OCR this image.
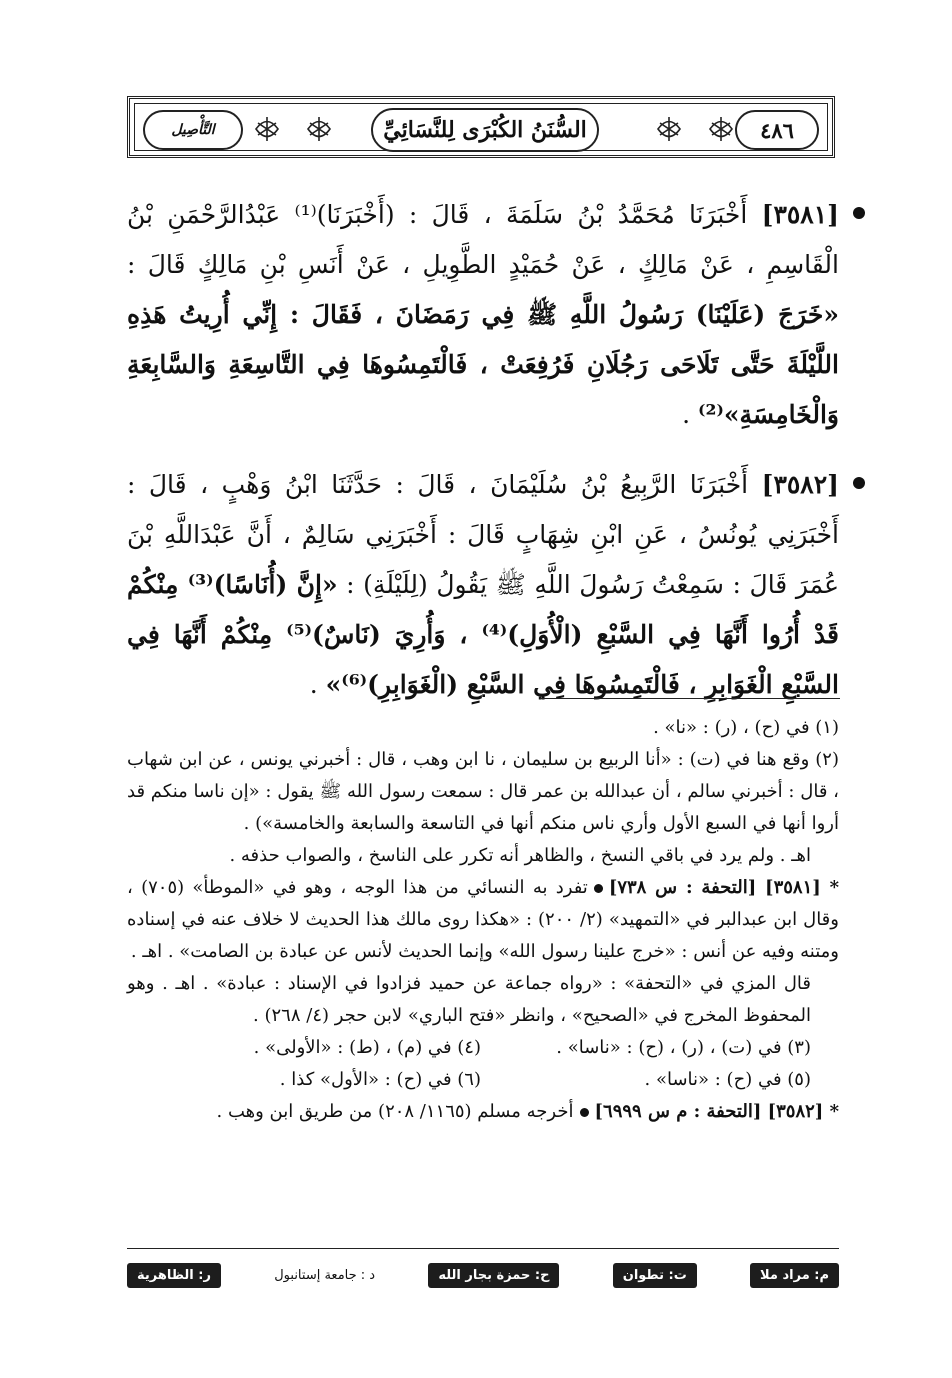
التَّأْصِيل	السُّنَنُ الكُبْرَى لِلنَّسَائِيِّ	٤٨٦
[٣٥٨١] أَخْبَرَنَا مُحَمَّدُ بْنُ سَلَمَةَ ، قَالَ : (أَخْبَرَنَا)⁽¹⁾ عَبْدُالرَّحْمَنِ بْنُ الْقَاسِمِ ، عَنْ مَالِكٍ ، عَنْ حُمَيْدٍ الطَّوِيلِ ، عَنْ أَنَسِ بْنِ مَالِكٍ قَالَ : «خَرَجَ (عَلَيْنَا) رَسُولُ اللَّهِ ﷺ فِي رَمَضَانَ ، فَقَالَ : إِنِّي أُرِيتُ هَذِهِ اللَّيْلَةَ حَتَّى تَلَاحَى رَجُلَانِ فَرُفِعَتْ ، فَالْتَمِسُوهَا فِي التَّاسِعَةِ وَالسَّابِعَةِ وَالْخَامِسَةِ»⁽²⁾ .
[٣٥٨٢] أَخْبَرَنَا الرَّبِيعُ بْنُ سُلَيْمَانَ ، قَالَ : حَدَّثَنَا ابْنُ وَهْبٍ ، قَالَ : أَخْبَرَنِي يُونُسُ ، عَنِ ابْنِ شِهَابٍ قَالَ : أَخْبَرَنِي سَالِمٌ ، أَنَّ عَبْدَاللَّهِ بْنَ عُمَرَ قَالَ : سَمِعْتُ رَسُولَ اللَّهِ ﷺ يَقُولُ (لِلَيْلَةِ) : «إِنَّ (أُنَاسًا)⁽³⁾ مِنْكُمْ قَدْ أُرُوا أَنَّهَا فِي السَّبْعِ (الْأُوَلِ)⁽⁴⁾ ، وَأُرِيَ (نَاسٌ)⁽⁵⁾ مِنْكُمْ أَنَّهَا فِي السَّبْعِ الْغَوَابِرِ ، فَالْتَمِسُوهَا فِي السَّبْعِ (الْغَوَابِرِ)⁽⁶⁾» .

(١) في (ح) ، (ر) : «نا» .

(٢) وقع هنا في (ت) : «أنا الربيع بن سليمان ، نا ابن وهب ، قال : أخبرني يونس ، عن ابن شهاب ، قال : أخبرني سالم ، أن عبدالله بن عمر قال : سمعت رسول الله ﷺ يقول : «إن ناسا منكم قد أروا أنها في السبع الأول وأري ناس منكم أنها في التاسعة والسابعة والخامسة») .

اهـ . ولم يرد في باقي النسخ ، والظاهر أنه تكرر على الناسخ ، والصواب حذفه .

* [٣٥٨١] [التحفة : س ٧٣٨]تفرد به النسائي من هذا الوجه ، وهو في «الموطأ» (٧٠٥) ، وقال ابن عبدالبر في «التمهيد» (٢/ ٢٠٠) : «هكذا روى مالك هذا الحديث لا خلاف عنه في إسناده ومتنه وفيه عن أنس : «خرج علينا رسول الله» وإنما الحديث لأنس عن عبادة بن الصامت» . اهـ .

قال المزي في «التحفة» : «رواه جماعة عن حميد فزادوا في الإسناد : عبادة» . اهـ . وهو المحفوظ المخرج في «الصحيح» ، وانظر «فتح الباري» لابن حجر (٤/ ٢٦٨) .

(٣) في (ت) ، (ر) ، (ح) : «ناسا» .
(٤) في (م) ، (ط) : «الأولى» .

(٥) في (ح) : «ناسا» .
(٦) في (ح) : «الأول» كذا .

* [٣٥٨٢] [التحفة : م س ٦٩٩٩]أخرجه مسلم (١١٦٥/ ٢٠٨) من طريق ابن وهب .

م: مراد ملا
ت: تطوان
ح: حمزة بجار الله
د : جامعة إستانبول
ر: الظاهرية
